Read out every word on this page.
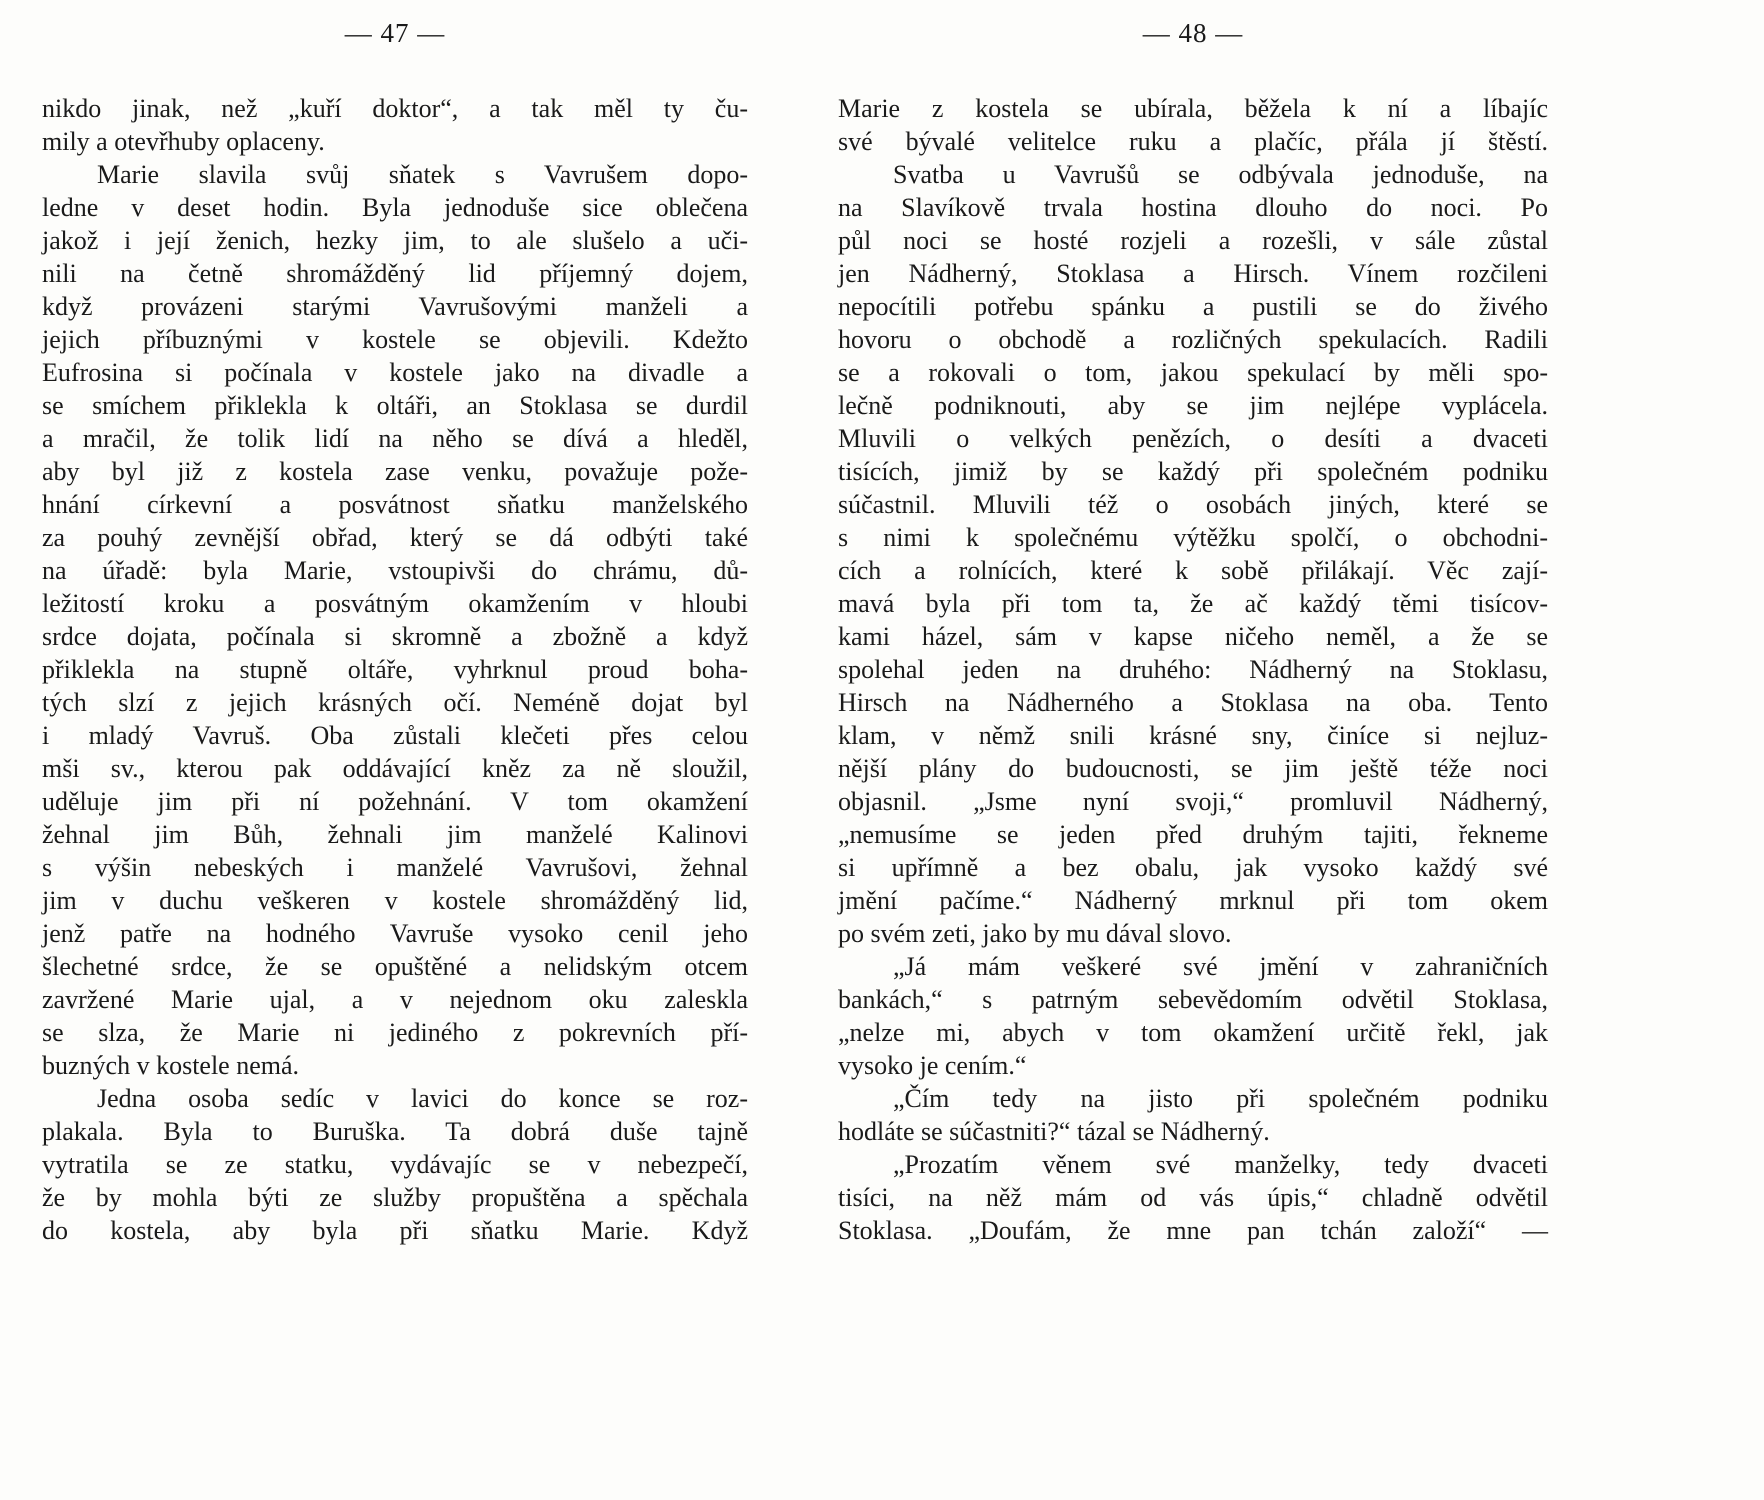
— 47 —
nikdo jinak, než „kuří doktor“, a tak měl ty ču-
mily a otevřhuby oplaceny.
Marie slavila svůj sňatek s Vavrušem dopo-
ledne v deset hodin. Byla jednoduše sice oblečena
jakož i její ženich, hezky jim, to ale slušelo a uči-
nili na četně shromážděný lid příjemný dojem,
když provázeni starými Vavrušovými manželi a
jejich příbuznými v kostele se objevili. Kdežto
Eufrosina si počínala v kostele jako na divadle a
se smíchem přiklekla k oltáři, an Stoklasa se durdil
a mračil, že tolik lidí na něho se dívá a hleděl,
aby byl již z kostela zase venku, považuje pože-
hnání církevní a posvátnost sňatku manželského
za pouhý zevnější obřad, který se dá odbýti také
na úřadě: byla Marie, vstoupivši do chrámu, dů-
ležitostí kroku a posvátným okamžením v hloubi
srdce dojata, počínala si skromně a zbožně a když
přiklekla na stupně oltáře, vyhrknul proud boha-
tých slzí z jejich krásných očí. Neméně dojat byl
i mladý Vavruš. Oba zůstali klečeti přes celou
mši sv., kterou pak oddávající kněz za ně sloužil,
uděluje jim při ní požehnání. V tom okamžení
žehnal jim Bůh, žehnali jim manželé Kalinovi
s výšin nebeských i manželé Vavrušovi, žehnal
jim v duchu veškeren v kostele shromážděný lid,
jenž patře na hodného Vavruše vysoko cenil jeho
šlechetné srdce, že se opuštěné a nelidským otcem
zavržené Marie ujal, a v nejednom oku zaleskla
se slza, že Marie ni jediného z pokrevních pří-
buzných v kostele nemá.
Jedna osoba sedíc v lavici do konce se roz-
plakala. Byla to Buruška. Ta dobrá duše tajně
vytratila se ze statku, vydávajíc se v nebezpečí,
že by mohla býti ze služby propuštěna a spěchala
do kostela, aby byla při sňatku Marie. Když
— 48 —
Marie z kostela se ubírala, běžela k ní a líbajíc
své bývalé velitelce ruku a plačíc, přála jí štěstí.
Svatba u Vavrušů se odbývala jednoduše, na
na Slavíkově trvala hostina dlouho do noci. Po
půl noci se hosté rozjeli a rozešli, v sále zůstal
jen Nádherný, Stoklasa a Hirsch. Vínem rozčileni
nepocítili potřebu spánku a pustili se do živého
hovoru o obchodě a rozličných spekulacích. Radili
se a rokovali o tom, jakou spekulací by měli spo-
lečně podniknouti, aby se jim nejlépe vyplácela.
Mluvili o velkých penězích, o desíti a dvaceti
tisících, jimiž by se každý při společném podniku
súčastnil. Mluvili též o osobách jiných, které se
s nimi k společnému výtěžku spolčí, o obchodni-
cích a rolnících, které k sobě přilákají. Věc zají-
mavá byla při tom ta, že ač každý těmi tisícov-
kami házel, sám v kapse ničeho neměl, a že se
spolehal jeden na druhého: Nádherný na Stoklasu,
Hirsch na Nádherného a Stoklasa na oba. Tento
klam, v němž snili krásné sny, činíce si nejluz-
nější plány do budoucnosti, se jim ještě téže noci
objasnil. „Jsme nyní svoji,“ promluvil Nádherný,
„nemusíme se jeden před druhým tajiti, řekneme
si upřímně a bez obalu, jak vysoko každý své
jmění pačíme.“ Nádherný mrknul při tom okem
po svém zeti, jako by mu dával slovo.
„Já mám veškeré své jmění v zahraničních
bankách,“ s patrným sebevědomím odvětil Stoklasa,
„nelze mi, abych v tom okamžení určitě řekl, jak
vysoko je cením.“
„Čím tedy na jisto při společném podniku
hodláte se súčastniti?“ tázal se Nádherný.
„Prozatím věnem své manželky, tedy dvaceti
tisíci, na něž mám od vás úpis,“ chladně odvětil
Stoklasa. „Doufám, že mne pan tchán založí“ —
